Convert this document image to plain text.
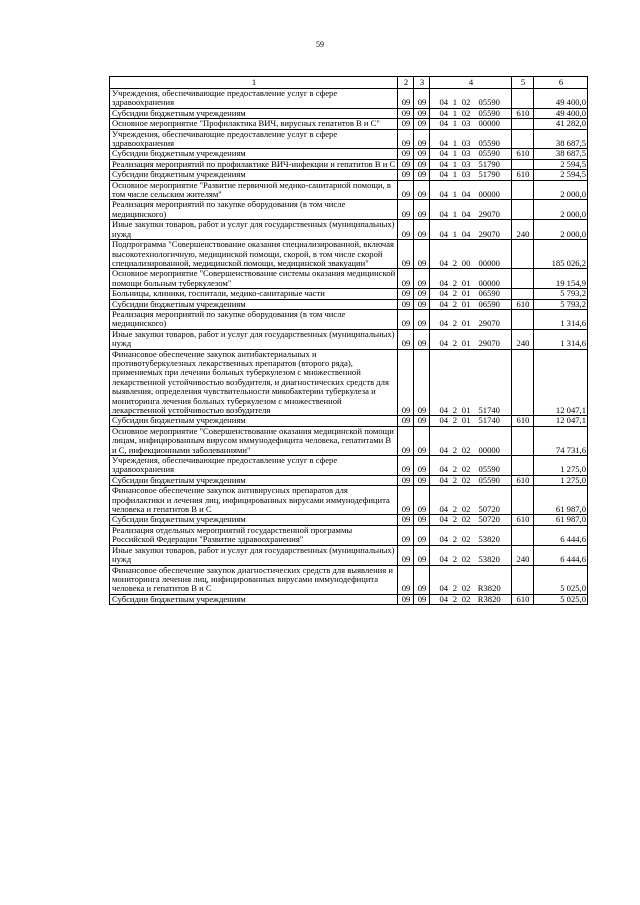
59
1	2	3	4	5	6
Учреждения, обеспечивающие предоставление услуг в сфере здравоохранения	09	09	04 1 02 05590		49 400,0
Субсидии бюджетным учреждениям	09	09	04 1 02 05590	610	49 400,0
Основное мероприятие "Профилактика ВИЧ, вирусных гепатитов В и С"	09	09	04 1 03 00000		41 282,0
Учреждения, обеспечивающие предоставление услуг в сфере здравоохранения	09	09	04 1 03 05590		38 687,5
Субсидии бюджетным учреждениям	09	09	04 1 03 05590	610	38 687,5
Реализация мероприятий по профилактике ВИЧ-инфекции и гепатитов В и С	09	09	04 1 03 51790		2 594,5
Субсидии бюджетным учреждениям	09	09	04 1 03 51790	610	2 594,5
Основное мероприятие "Развитие первичной медико-санитарной помощи, в том числе сельским жителям"	09	09	04 1 04 00000		2 000,0
Реализация мероприятий по закупке оборудования (в том числе медицинского)	09	09	04 1 04 29070		2 000,0
Иные закупки товаров, работ и услуг для государственных (муниципальных) нужд	09	09	04 1 04 29070	240	2 000,0
Подпрограмма "Совершенствование оказания специализированной, включая высокотехнологичную, медицинской помощи, скорой, в том числе скорой специализированной, медицинской помощи, медицинской эвакуации"	09	09	04 2 00 00000		185 026,2
Основное мероприятие "Совершенствование системы оказания медицинской помощи больным туберкулезом"	09	09	04 2 01 00000		19 154,9
Больницы, клиники, госпитали, медико-санитарные части	09	09	04 2 01 06590		5 793,2
Субсидии бюджетным учреждениям	09	09	04 2 01 06590	610	5 793,2
Реализация мероприятий по закупке оборудования (в том числе медицинского)	09	09	04 2 01 29070		1 314,6
Иные закупки товаров, работ и услуг для государственных (муниципальных) нужд	09	09	04 2 01 29070	240	1 314,6
Финансовое обеспечение закупок антибактериальных и противотуберкулезных лекарственных препаратов (второго ряда), применяемых при лечении больных туберкулезом с множественной лекарственной устойчивостью возбудителя, и диагностических средств для выявления, определения чувствительности микобактерии туберкулеза и мониторинга лечения больных туберкулезом с множественной лекарственной устойчивостью возбудителя	09	09	04 2 01 51740		12 047,1
Субсидии бюджетным учреждениям	09	09	04 2 01 51740	610	12 047,1
Основное мероприятие "Совершенствование оказания медицинской помощи лицам, инфицированным вирусом иммунодефицита человека, гепатитами В и С, инфекционными заболеваниями"	09	09	04 2 02 00000		74 731,6
Учреждения, обеспечивающие предоставление услуг в сфере здравоохранения	09	09	04 2 02 05590		1 275,0
Субсидии бюджетным учреждениям	09	09	04 2 02 05590	610	1 275,0
Финансовое обеспечение закупок антивирусных препаратов для профилактики и лечения лиц, инфицированных вирусами иммунодефицита человека и гепатитов В и С	09	09	04 2 02 50720		61 987,0
Субсидии бюджетным учреждениям	09	09	04 2 02 50720	610	61 987,0
Реализация отдельных мероприятий государственной программы Российской Федерации "Развитие здравоохранения"	09	09	04 2 02 53820		6 444,6
Иные закупки товаров, работ и услуг для государственных (муниципальных) нужд	09	09	04 2 02 53820	240	6 444,6
Финансовое обеспечение закупок диагностических средств для выявления и мониторинга лечения лиц, инфицированных вирусами иммунодефицита человека и гепатитов В и С	09	09	04 2 02 R3820		5 025,0
Субсидии бюджетным учреждениям	09	09	04 2 02 R3820	610	5 025,0
